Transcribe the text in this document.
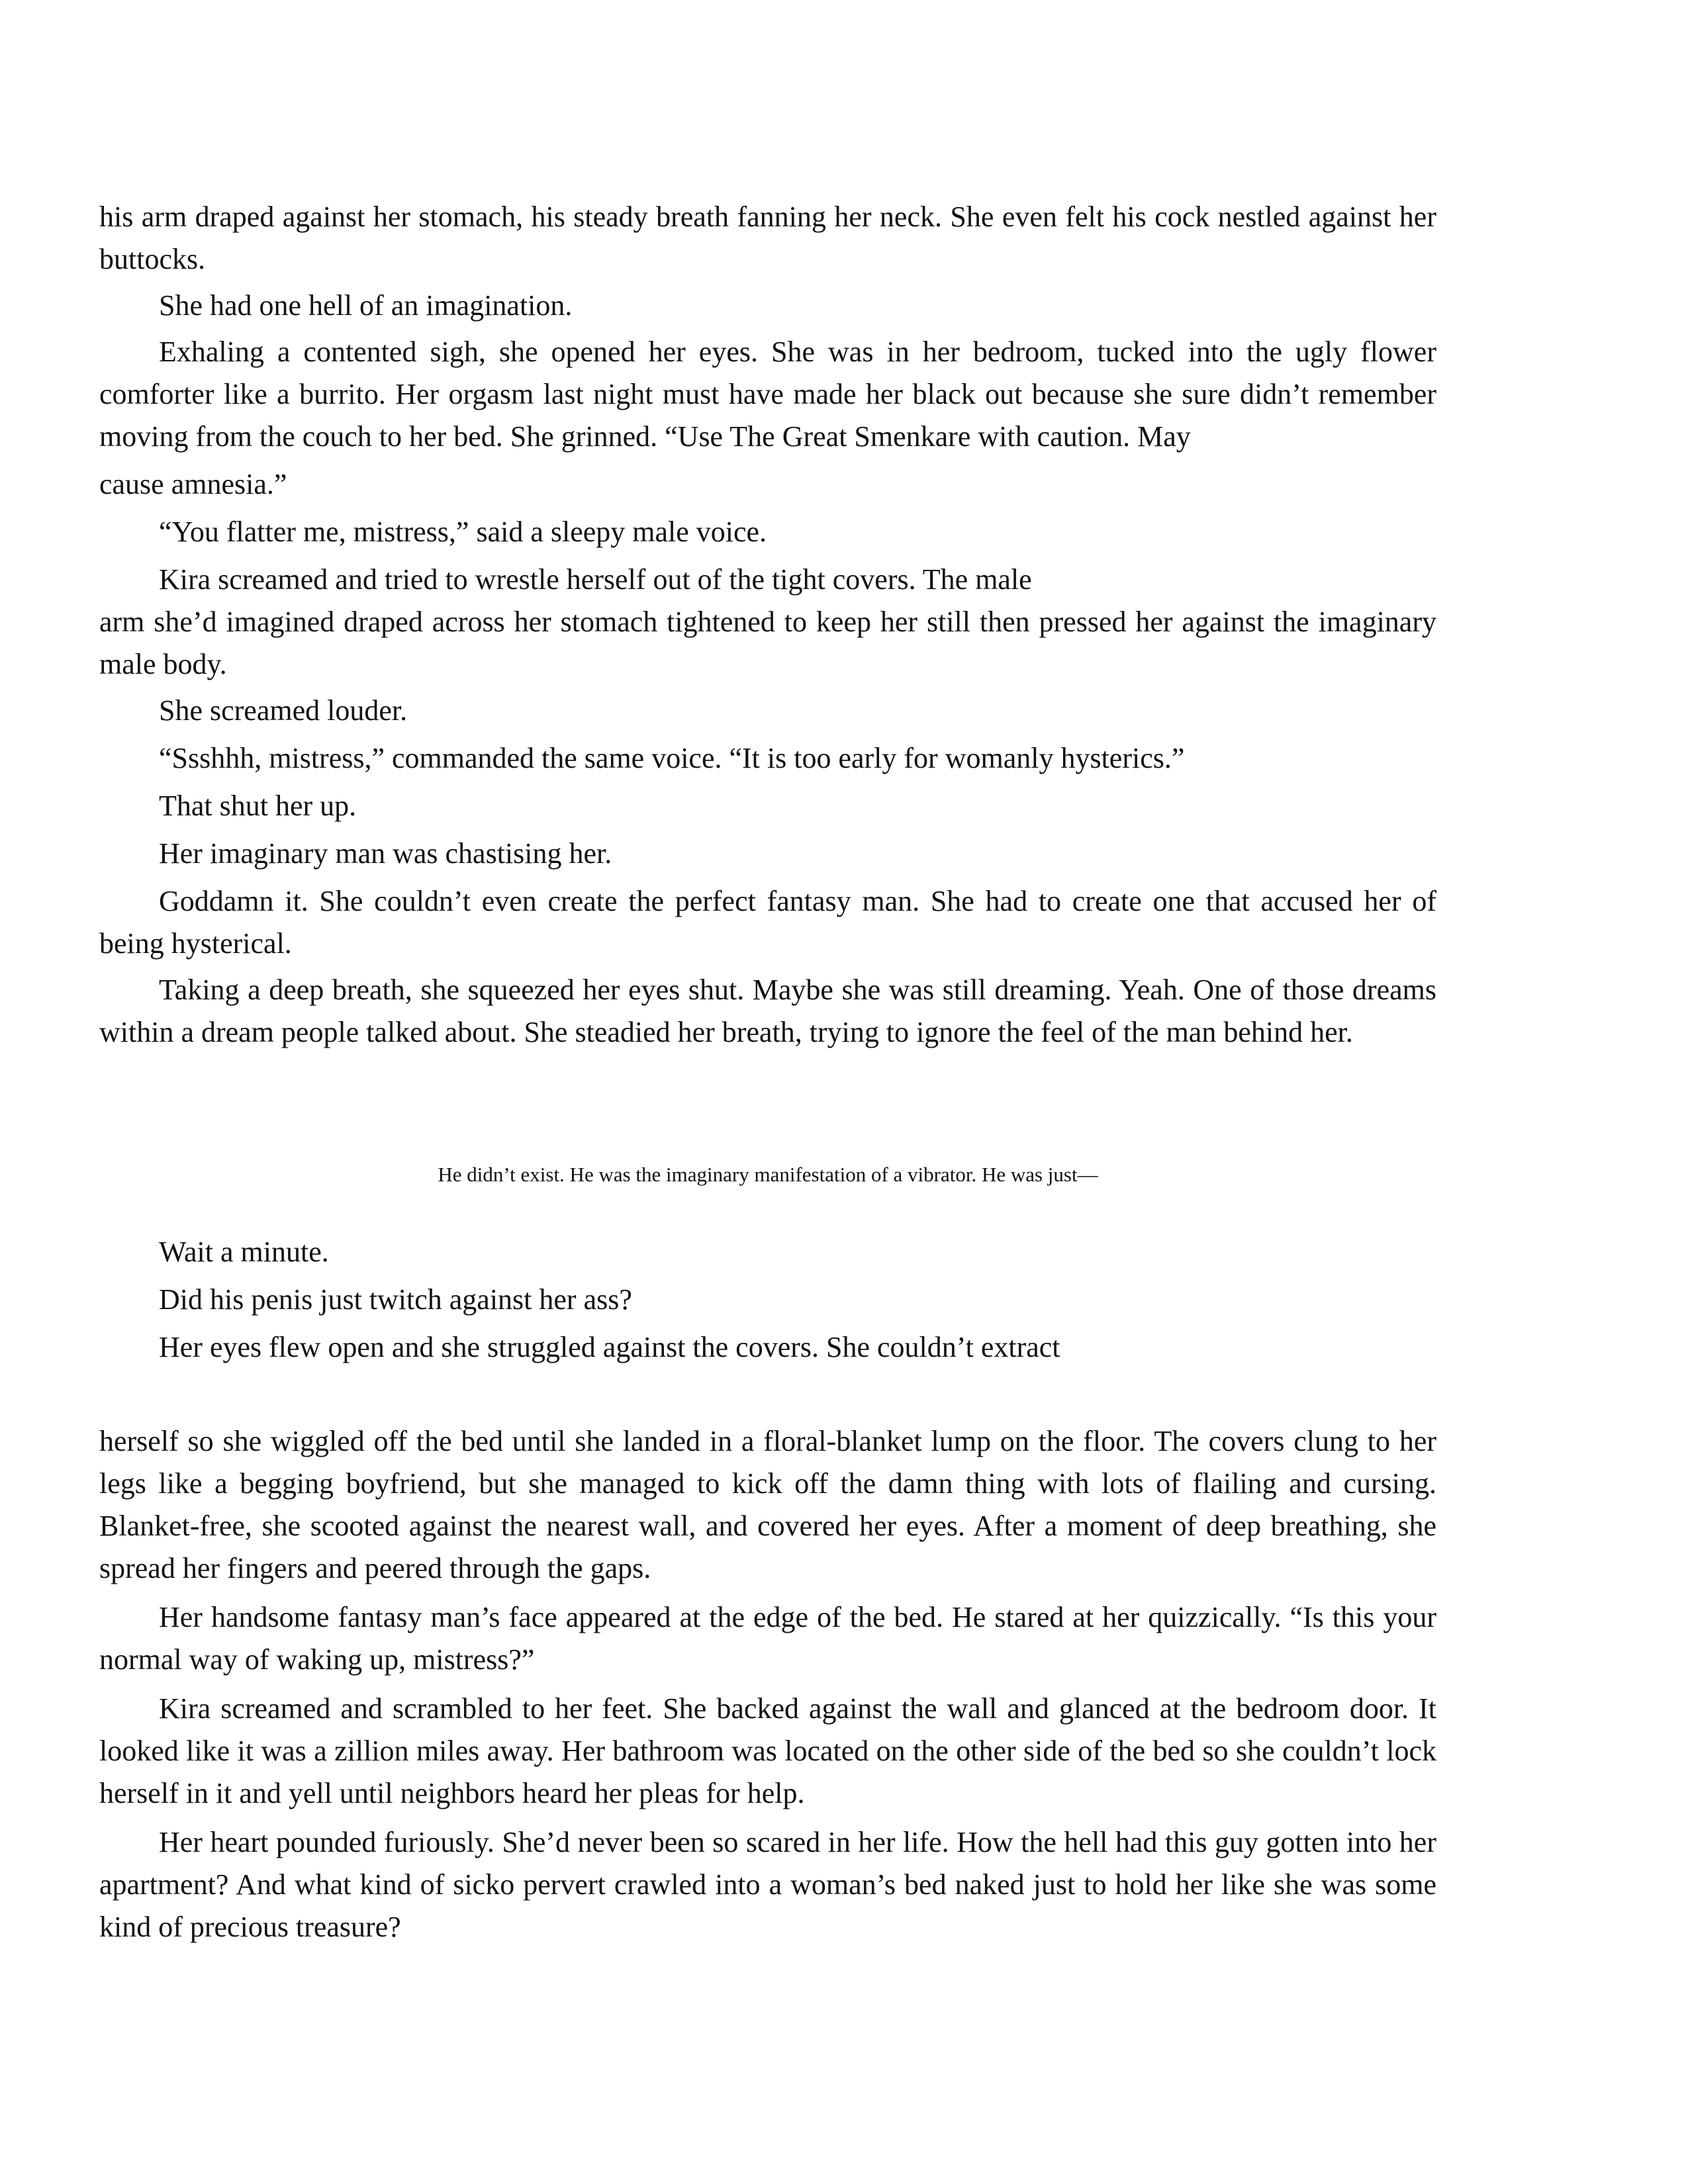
his arm draped against her stomach, his steady breath fanning her neck. She even felt his cock nestled against her buttocks.

She had one hell of an imagination.

Exhaling a contented sigh, she opened her eyes. She was in her bedroom, tucked into the ugly flower comforter like a burrito. Her orgasm last night must have made her black out because she sure didn’t remember moving from the couch to her bed. She grinned. “Use The Great Smenkare with caution. May

cause amnesia.”

“You flatter me, mistress,” said a sleepy male voice.

Kira screamed and tried to wrestle herself out of the tight covers. The male

arm she’d imagined draped across her stomach tightened to keep her still then pressed her against the imaginary male body.

She screamed louder.

“Ssshhh, mistress,” commanded the same voice. “It is too early for womanly hysterics.”

That shut her up.

Her imaginary man was chastising her.

Goddamn it. She couldn’t even create the perfect fantasy man. She had to create one that accused her of being hysterical.

Taking a deep breath, she squeezed her eyes shut. Maybe she was still dreaming. Yeah. One of those dreams within a dream people talked about. She steadied her breath, trying to ignore the feel of the man behind her.

He didn’t exist. He was the imaginary manifestation of a vibrator. He was just—

Wait a minute.

Did his penis just twitch against her ass?

Her eyes flew open and she struggled against the covers. She couldn’t extract

herself so she wiggled off the bed until she landed in a floral-blanket lump on the floor. The covers clung to her legs like a begging boyfriend, but she managed to kick off the damn thing with lots of flailing and cursing. Blanket-free, she scooted against the nearest wall, and covered her eyes. After a moment of deep breathing, she spread her fingers and peered through the gaps.

Her handsome fantasy man’s face appeared at the edge of the bed. He stared at her quizzically. “Is this your normal way of waking up, mistress?”

Kira screamed and scrambled to her feet. She backed against the wall and glanced at the bedroom door. It looked like it was a zillion miles away. Her bathroom was located on the other side of the bed so she couldn’t lock herself in it and yell until neighbors heard her pleas for help.

Her heart pounded furiously. She’d never been so scared in her life. How the hell had this guy gotten into her apartment? And what kind of sicko pervert crawled into a woman’s bed naked just to hold her like she was some kind of precious treasure?
